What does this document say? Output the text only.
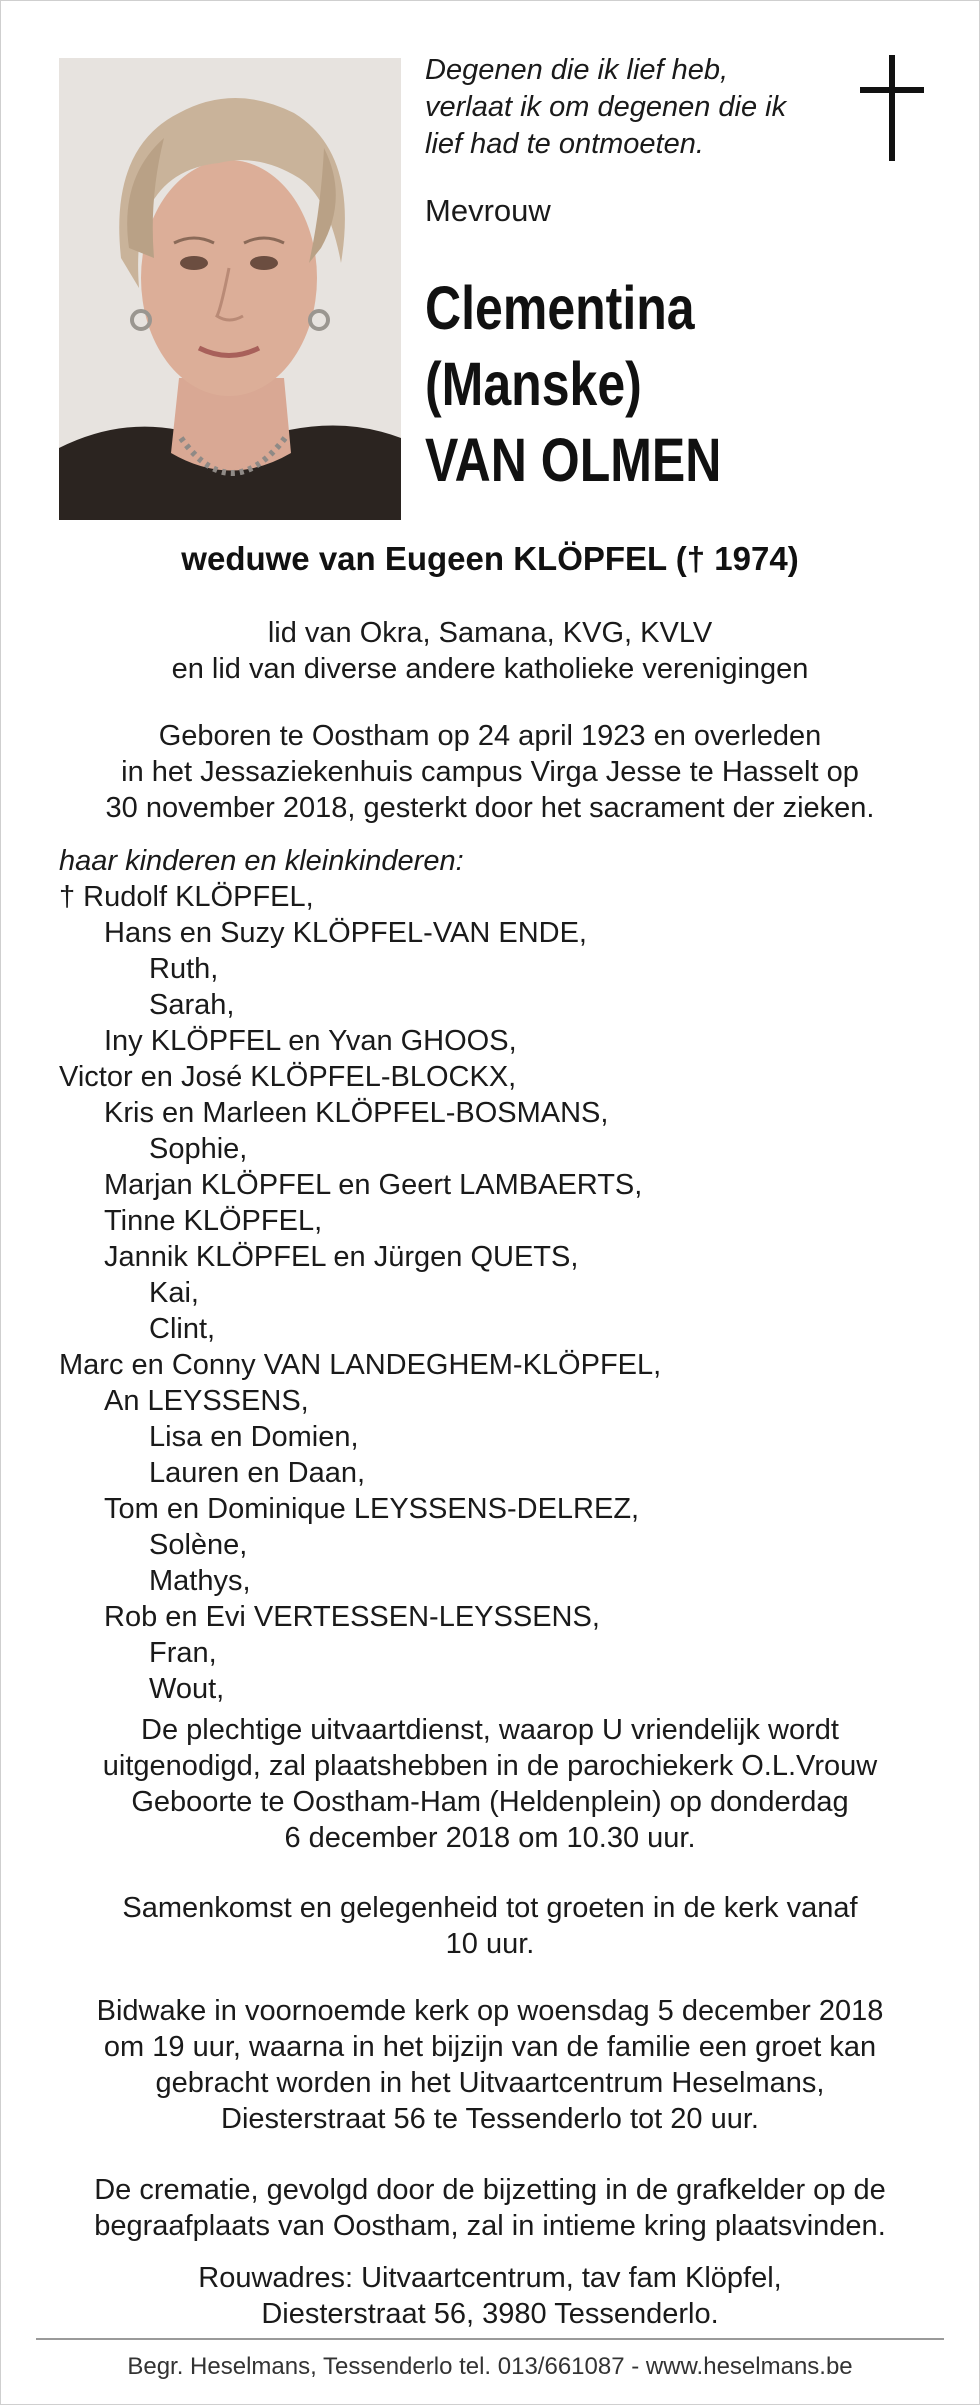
Degenen die ik lief heb,
verlaat ik om degenen die ik
lief had te ontmoeten.
Mevrouw
Clementina
(Manske)
VAN OLMEN
weduwe van Eugeen KLÖPFEL († 1974)
lid van Okra, Samana, KVG, KVLV
en lid van diverse andere katholieke verenigingen
Geboren te Oostham op 24 april 1923 en overleden
in het Jessaziekenhuis campus Virga Jesse te Hasselt op
30 november 2018, gesterkt door het sacrament der zieken.
haar kinderen en kleinkinderen:
† Rudolf KLÖPFEL,
Hans en Suzy KLÖPFEL-VAN ENDE,
Ruth,
Sarah,
Iny KLÖPFEL en Yvan GHOOS,
Victor en José KLÖPFEL-BLOCKX,
Kris en Marleen KLÖPFEL-BOSMANS,
Sophie,
Marjan KLÖPFEL en Geert LAMBAERTS,
Tinne KLÖPFEL,
Jannik KLÖPFEL en Jürgen QUETS,
Kai,
Clint,
Marc en Conny VAN LANDEGHEM-KLÖPFEL,
An LEYSSENS,
Lisa en Domien,
Lauren en Daan,
Tom en Dominique LEYSSENS-DELREZ,
Solène,
Mathys,
Rob en Evi VERTESSEN-LEYSSENS,
Fran,
Wout,
De plechtige uitvaartdienst, waarop U vriendelijk wordt
uitgenodigd, zal plaatshebben in de parochiekerk O.L.Vrouw
Geboorte te Oostham-Ham (Heldenplein) op donderdag
6 december 2018 om 10.30 uur.
Samenkomst en gelegenheid tot groeten in de kerk vanaf
10 uur.
Bidwake in voornoemde kerk op woensdag 5 december 2018
om 19 uur, waarna in het bijzijn van de familie een groet kan
gebracht worden in het Uitvaartcentrum Heselmans,
Diesterstraat 56 te Tessenderlo tot 20 uur.
De crematie, gevolgd door de bijzetting in de grafkelder op de
begraafplaats van Oostham, zal in intieme kring plaatsvinden.
Rouwadres: Uitvaartcentrum, tav fam Klöpfel,
Diesterstraat 56, 3980 Tessenderlo.
Begr. Heselmans, Tessenderlo tel. 013/661087 - www.heselmans.be
